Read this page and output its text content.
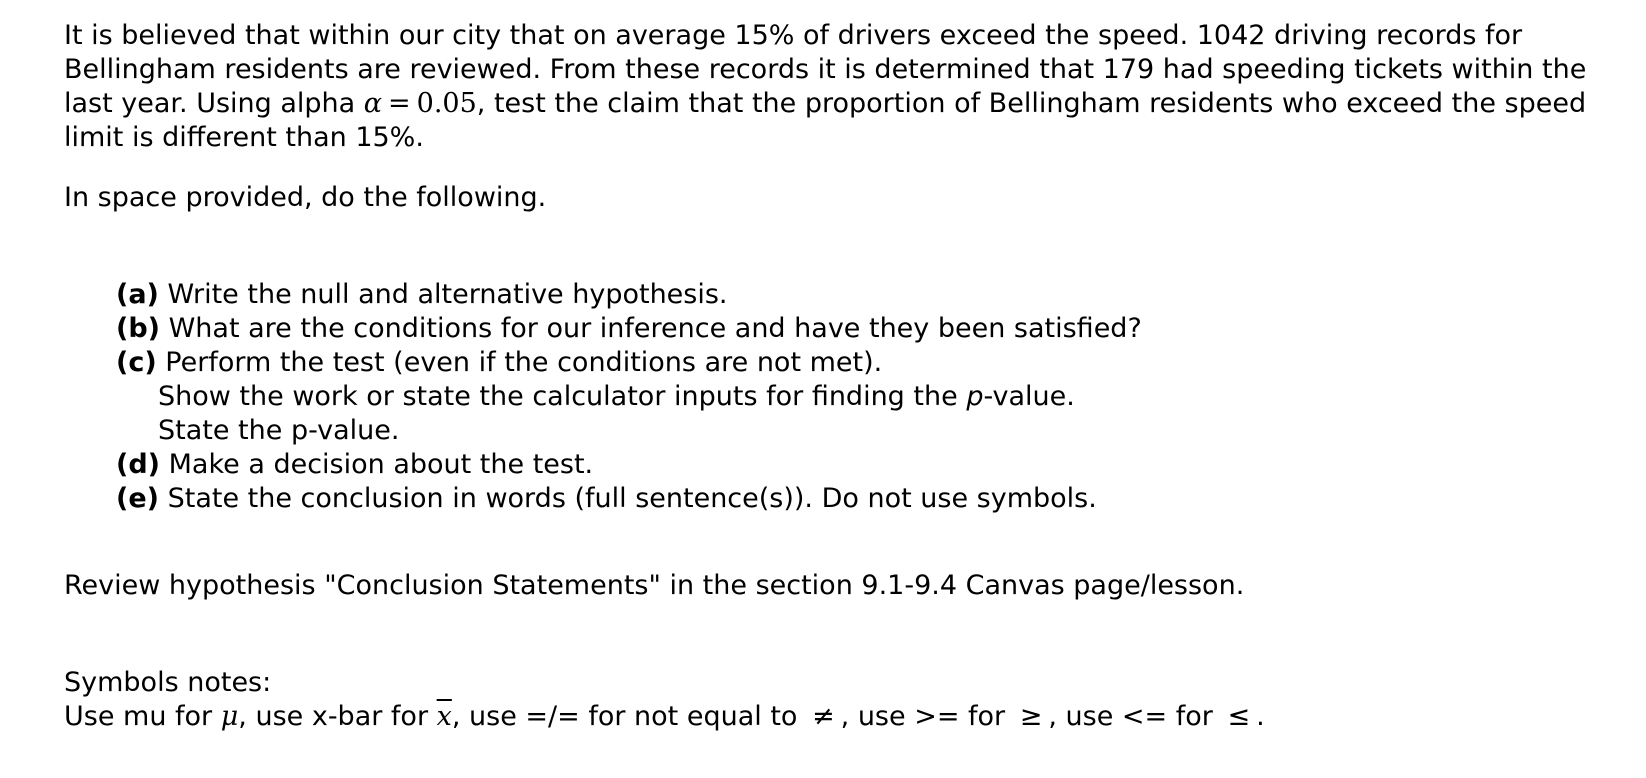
It is believed that within our city that on average 15% of drivers exceed the speed. 1042 driving records for Bellingham residents are reviewed. From these records it is determined that 179 had speeding tickets within the last year. Using alpha α = 0.05, test the claim that the proportion of Bellingham residents who exceed the speed limit is different than 15%.

In space provided, do the following.

(a) Write the null and alternative hypothesis.
(b) What are the conditions for our inference and have they been satisfied?
(c) Perform the test (even if the conditions are not met).
Show the work or state the calculator inputs for finding the p-value.
State the p-value.
(d) Make a decision about the test.
(e) State the conclusion in words (full sentence(s)). Do not use symbols.

Review hypothesis "Conclusion Statements" in the section 9.1-9.4 Canvas page/lesson.

Symbols notes:

Use mu for μ, use x-bar for $\overline{x}$, use =/= for not equal to ≠ , use >= for ≥ , use <= for ≤ .
